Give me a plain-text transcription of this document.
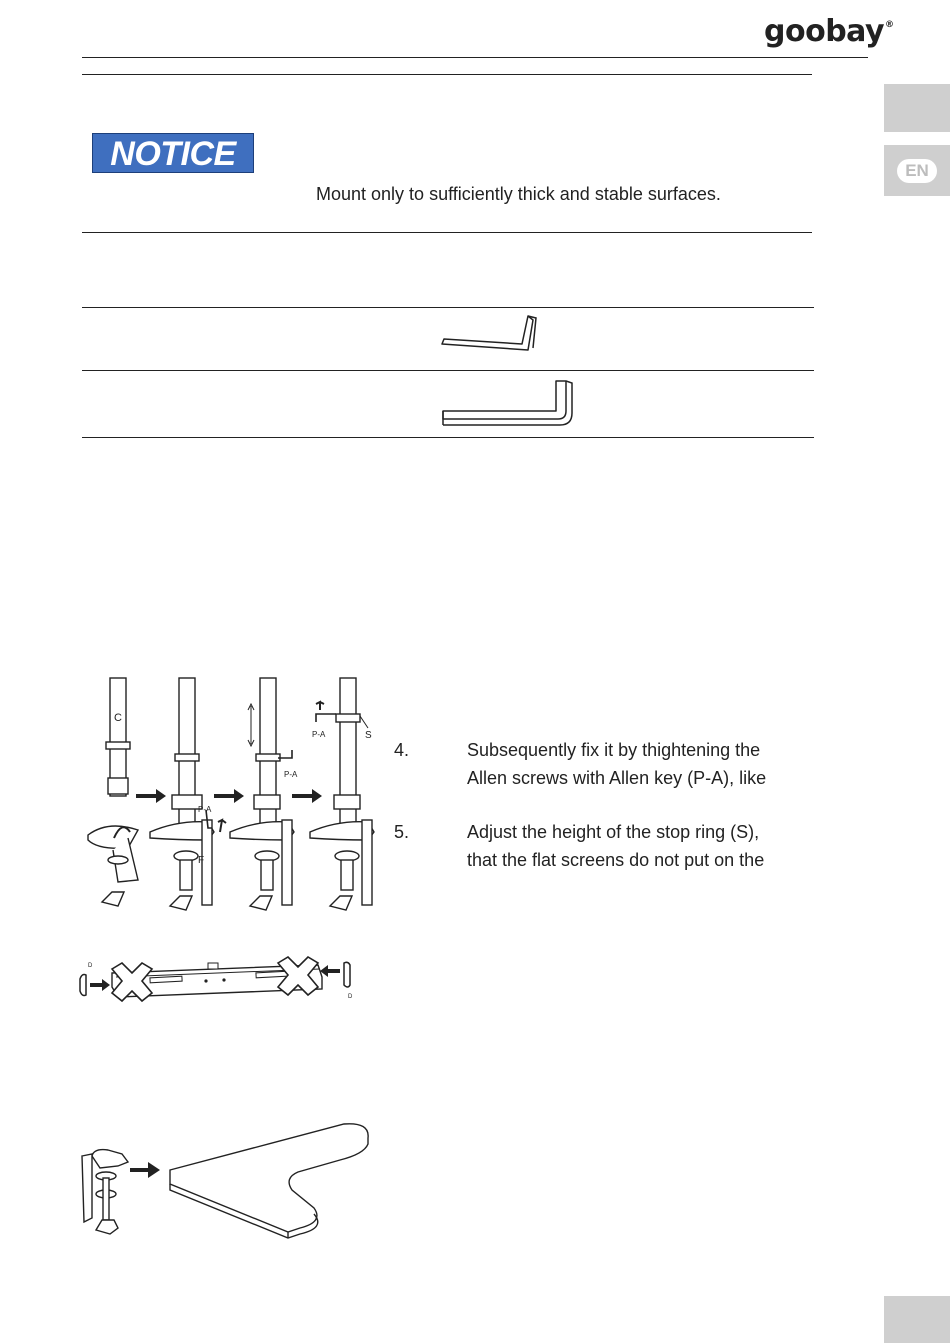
goobay®
EN
NOTICE
Mount only to sufficiently thick and stable surfaces.
C
F
P-A
P-A
P-A	S
D
D
4.	Subsequently fix it by thightening the
Allen screws with Allen key (P-A), like
5.	Adjust the height of the stop ring (S),
that the flat screens do not put on the
